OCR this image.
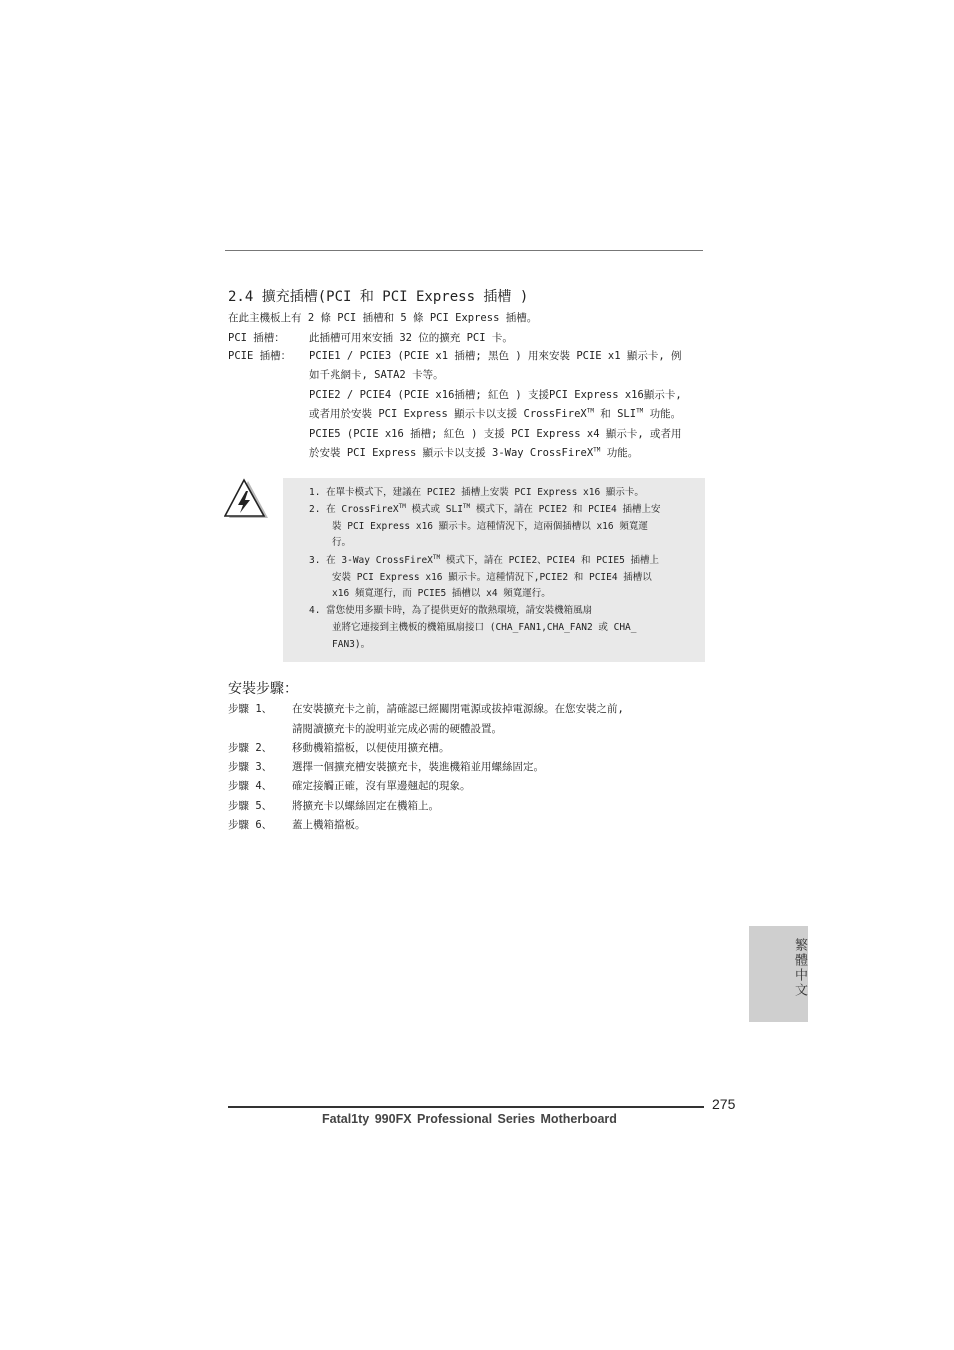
2.4 擴充插槽(PCI 和 PCI Express 插槽 )
在此主機板上有 2 條 PCI 插槽和 5 條 PCI Express 插槽。
PCI 插槽： 此插槽可用來安插 32 位的擴充 PCI 卡。
PCIE 插槽： PCIE1 / PCIE3 (PCIE x1 插槽; 黑色 ) 用來安裝 PCIE x1 顯示卡, 例
如千兆網卡, SATA2 卡等。
PCIE2 / PCIE4 (PCIE x16插槽; 紅色 ) 支援PCI Express x16顯示卡,
或者用於安裝 PCI Express 顯示卡以支援 CrossFireX™ 和 SLI™ 功能。
PCIE5 (PCIE x16 插槽; 紅色 ) 支援 PCI Express x4 顯示卡, 或者用
於安裝 PCI Express 顯示卡以支援 3-Way CrossFireX™ 功能。
1. 在單卡模式下，建議在 PCIE2 插槽上安裝 PCI Express x16 顯示卡。
2. 在 CrossFireX™ 模式或 SLI™ 模式下，請在 PCIE2 和 PCIE4 插槽上安
裝 PCI Express x16 顯示卡。這種情況下，這兩個插槽以 x16 頻寬運
行。
3. 在 3-Way CrossFireX™ 模式下，請在 PCIE2、PCIE4 和 PCIE5 插槽上
安裝 PCI Express x16 顯示卡。這種情況下,PCIE2 和 PCIE4 插槽以
x16 頻寬運行，而 PCIE5 插槽以 x4 頻寬運行。
4. 當您使用多顯卡時，為了提供更好的散熱環境，請安裝機箱風扇
並將它連接到主機板的機箱風扇接口 (CHA_FAN1,CHA_FAN2 或 CHA_
FAN3)。
安裝步驟：
步驟 1、 在安裝擴充卡之前，請確認已經關閉電源或拔掉電源線。在您安裝之前,
請閱讀擴充卡的說明並完成必需的硬體設置。
步驟 2、 移動機箱擋板，以便使用擴充槽。
步驟 3、 選擇一個擴充槽安裝擴充卡，裝進機箱並用螺絲固定。
步驟 4、 確定接觸正確，沒有單邊翹起的現象。
步驟 5、 將擴充卡以螺絲固定在機箱上。
步驟 6、 蓋上機箱擋板。
繁體中文
275
Fatal1ty 990FX Professional Series Motherboard
